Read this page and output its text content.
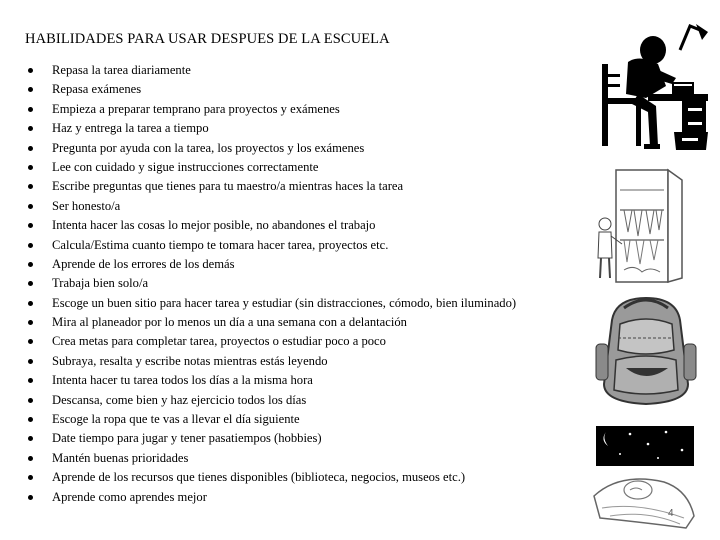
HABILIDADES PARA USAR DESPUES DE LA ESCUELA
Repasa la tarea diariamente
Repasa exámenes
Empieza a preparar temprano para proyectos y exámenes
Haz y entrega la tarea a tiempo
Pregunta por ayuda con la tarea, los proyectos y los exámenes
Lee con cuidado y sigue instrucciones correctamente
Escribe preguntas que tienes para tu maestro/a mientras haces la tarea
Ser honesto/a
Intenta hacer las cosas lo mejor posible, no abandones el trabajo
Calcula/Estima cuanto tiempo te tomara hacer tarea, proyectos etc.
Aprende de los errores de los demás
Trabaja bien solo/a
Escoge un buen sitio para hacer tarea y estudiar (sin distracciones, cómodo, bien iluminado)
Mira al planeador por lo menos un día a una semana con a delantación
Crea metas para completar tarea, proyectos o estudiar poco a poco
Subraya, resalta y escribe notas mientras estás leyendo
Intenta hacer tu tarea todos los días a la misma hora
Descansa, come bien y haz ejercicio todos los días
Escoge la ropa que te vas a llevar el día siguiente
Date tiempo para jugar y tener pasatiempos (hobbies)
Mantén buenas prioridades
Aprende de los recursos que tienes disponibles (biblioteca, negocios, museos etc.)
Aprende como aprendes mejor
4
